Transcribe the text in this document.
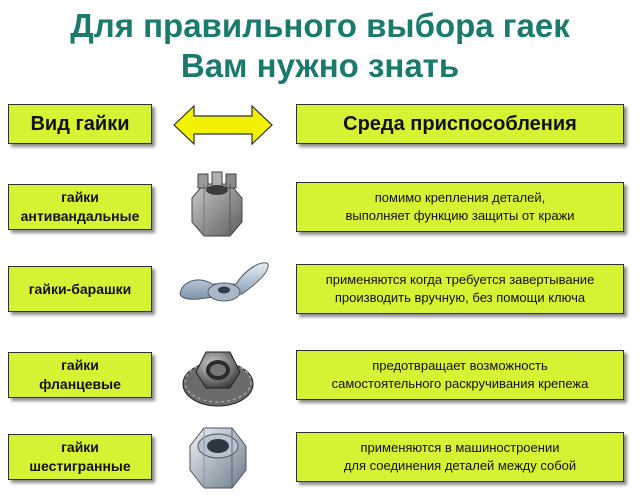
Для правильного выбора гаек
Вам нужно знать
Вид гайки	Среда приспособления
гайки
антивандальные
помимо крепления деталей,
выполняет функцию защиты от кражи
гайки-барашки
применяются когда требуется завертывание
производить вручную, без помощи ключа
гайки
фланцевые
предотвращает возможность
самостоятельного раскручивания крепежа
гайки
шестигранные
применяются в машиностроении
для соединения деталей между собой
